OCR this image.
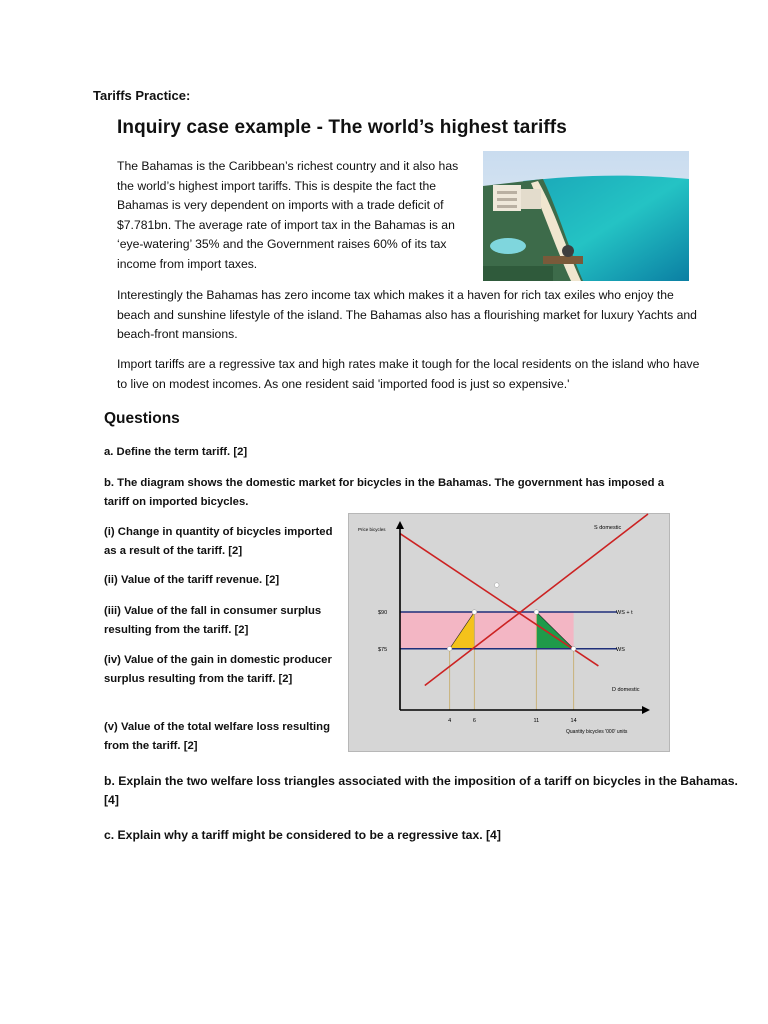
Tariffs Practice:
Inquiry case example - The world’s highest tariffs
The Bahamas is the Caribbean’s richest country and it also has the world’s highest import tariffs. This is despite the fact the Bahamas is very dependent on imports with a trade deficit of $7.781bn. The average rate of import tax in the Bahamas is an ‘eye-watering’ 35% and the Government raises 60% of its tax income from import taxes.
Interestingly the Bahamas has zero income tax which makes it a haven for rich tax exiles who enjoy the beach and sunshine lifestyle of the island. The Bahamas also has a flourishing market for luxury Yachts and beach-front mansions.
Import tariffs are a regressive tax and high rates make it tough for the local residents on the island who have to live on modest incomes. As one resident said 'imported food is just so expensive.'
Questions
a. Define the term tariff. [2]
b. The diagram shows the domestic market for bicycles in the Bahamas. The government has imposed a tariff on imported bicycles.
(i) Change in quantity of bicycles imported as a result of the tariff. [2]
(ii) Value of the tariff revenue. [2]
(iii) Value of the fall in consumer surplus resulting from the tariff. [2]
(iv) Value of the gain in domestic producer surplus resulting from the tariff. [2]
(v) Value of the total welfare loss resulting from the tariff. [2]
$90
$75
4	6	11	14
S domestic
D domestic
WS + t
WS
Price bicycles
Quantity bicycles '000' units
b. Explain the two welfare loss triangles associated with the imposition of a tariff on bicycles in the Bahamas. [4]
c. Explain why a tariff might be considered to be a regressive tax. [4]
